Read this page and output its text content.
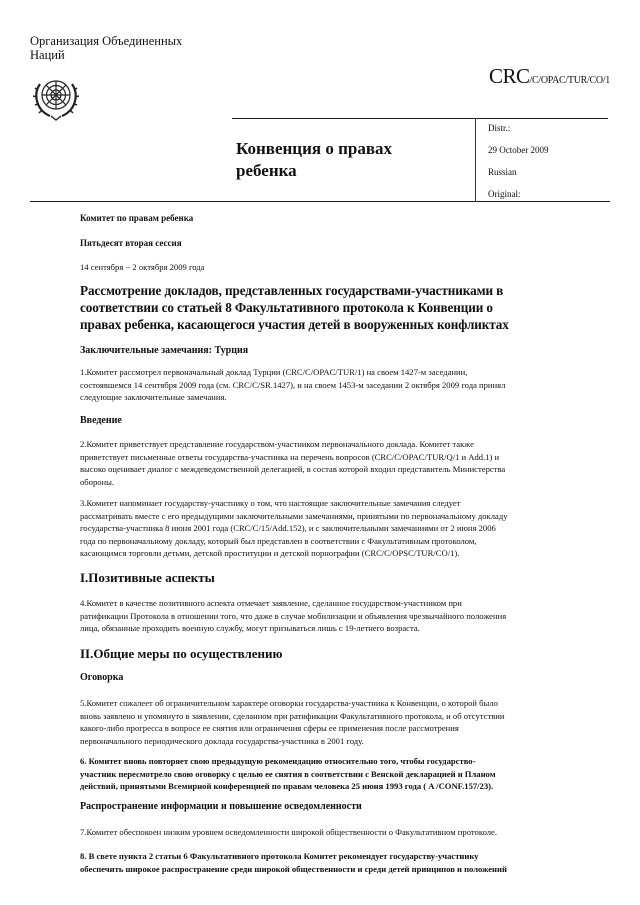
Организация Объединенных
Наций
CRC/C/OPAC/TUR/CO/1
Конвенция о правах
ребенка
Distr.:
29 October 2009
Russian
Original:
Комитет по правам ребенка
Пятьдесят вторая сессия
14 сентября − 2 октября 2009 года
Рассмотрение докладов, представленных государствами-участниками в
соответствии со статьей 8 Факультативного протокола к Конвенции о
правах ребенка, касающегося участия детей в вооруженных конфликтах
Заключительные замечания: Турция
1.Комитет рассмотрел первоначальный доклад Турции (CRC/C/OPAC/TUR/1) на своем 1427-м заседании,
состоявшемся 14 сентября 2009 года (см. CRC/C/SR.1427), и на своем 1453-м заседании 2 октября 2009 года принял
следующие заключительные замечания.
Введение
2.Комитет приветствует представление государством-участником первоначального доклада. Комитет также
приветствует письменные ответы государства-участника на перечень вопросов (CRC/C/OPAC/TUR/Q/1 и Add.1) и
высоко оценивает диалог с междеведомственной делегацией, в состав которой входил представитель Министерства
обороны.
3.Комитет напоминает государству-участнику о том, что настоящие заключительные замечания следует
рассматривать вместе с его предыдущими заключительными замечаниями, принятыми по первоначальному докладу
государства-участника 8 июня 2001 года (CRC/C/15/Add.152), и с заключительными замечаниями от 2 июня 2006
года по первоначальному докладу, который был представлен в соответствии с Факультативным протоколом,
касающимся торговли детьми, детской проституции и детской порнографии (CRC/C/OPSC/TUR/CO/1).
I.Позитивные аспекты
4.Комитет в качестве позитивного аспекта отмечает заявление, сделанное государством-участником при
ратификации Протокола в отношении того, что даже в случае мобилизации и объявления чрезвычайного положения
лица, обязанные проходить военную службу, могут призываться лишь с 19-летнего возраста.
II.Общие меры по осуществлению
Оговорка
5.Комитет сожалеет об ограничительном характере оговорки государства-участника к Конвенции, о которой было
вновь заявлено и упомянуто в заявлении, сделанном при ратификации Факультативного протокола, и об отсутствии
какого-либо прогресса в вопросе ее снятия или ограничения сферы ее применения после рассмотрения
первоначального периодического доклада государства-участника в 2001 году.
6. Комитет вновь повторяет свою предыдущую рекомендацию относительно того, чтобы государство-
участник пересмотрело свою оговорку с целью ее снятия в соответствии с Венской декларацией и Планом
действий, принятыми Всемирной конференцией по правам человека 25 июня 1993 года ( A /CONF.157/23).
Распространение информации и повышение осведомленности
7.Комитет обеспокоен низким уровнем осведомленности широкой общественности о Факультативном протоколе.
8. В свете пункта 2 статьи 6 Факультативного протокола Комитет рекомендует государству-участнику
обеспечить широкое распространение среди широкой общественности и среди детей принципов и положений
